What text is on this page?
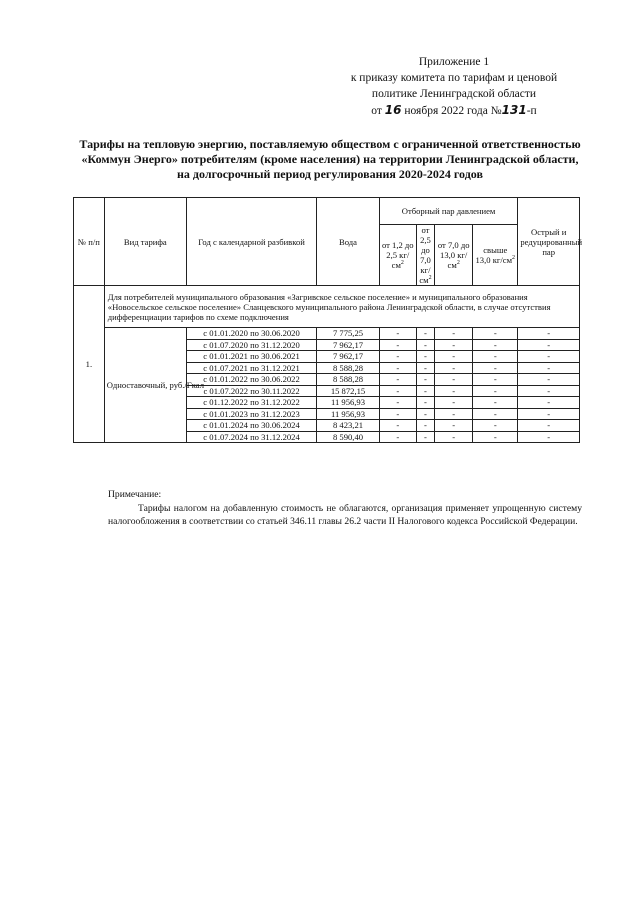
Приложение 1
к приказу комитета по тарифам и ценовой
политике Ленинградской области
от 16 ноября 2022 года №131-п
Тарифы на тепловую энергию, поставляемую обществом с ограниченной ответственностью
«Коммун Энерго» потребителям (кроме населения) на территории Ленинградской области,
на долгосрочный период регулирования 2020-2024 годов
№ п/п	Вид тарифа	Год с календарной разбивкой	Вода	Отборный пар давлением				Острый и редуцированный пар
				от 1,2 до 2,5 $кг/см^2$	от 2,5 до 7,0 $кг/см^2$	от 7,0 до 13,0 $кг/см^2$	свыше 13,0 $кг/см^2$
1.	Для потребителей муниципального образования «Загривское сельское поселение» и муниципального образования «Новосельское сельское поселение» Сланцевского муниципального района Ленинградской области, в случае отсутствия дифференциации тарифов по схеме подключения							
	Одноставочный, руб./Гкал	с 01.01.2020 по 30.06.2020	7 775,25	-	-	-	-	-
		с 01.07.2020 по 31.12.2020	7 962,17	-	-	-	-	-
		с 01.01.2021 по 30.06.2021	7 962,17	-	-	-	-	-
		с 01.07.2021 по 31.12.2021	8 588,28	-	-	-	-	-
		с 01.01.2022 по 30.06.2022	8 588,28	-	-	-	-	-
		с 01.07.2022 по 30.11.2022	15 872,15	-	-	-	-	-
		с 01.12.2022 по 31.12.2022	11 956,93	-	-	-	-	-
		с 01.01.2023 по 31.12.2023	11 956,93	-	-	-	-	-
		с 01.01.2024 по 30.06.2024	8 423,21	-	-	-	-	-
		с 01.07.2024 по 31.12.2024	8 590,40	-	-	-	-	-
Примечание:
Тарифы налогом на добавленную стоимость не облагаются, организация применяет упрощенную систему налогообложения в соответствии со статьей 346.11 главы 26.2 части II Налогового кодекса Российской Федерации.
